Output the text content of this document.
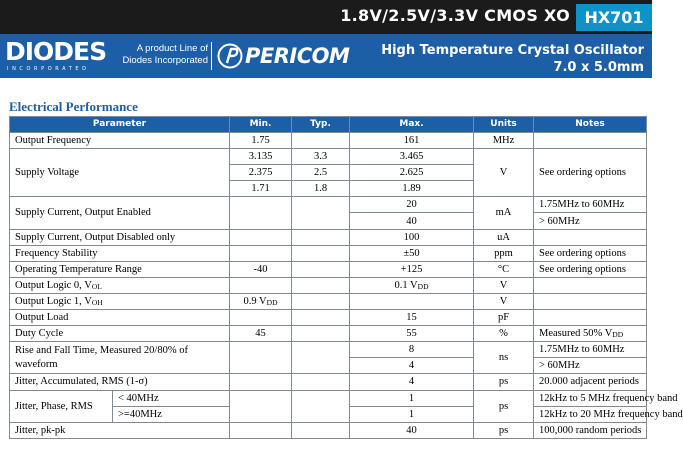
1.8V/2.5V/3.3V CMOS XO HX701
DIODES
INCORPORATED
A product Line of
Diodes Incorporated PERICOM High Temperature Crystal Oscillator
7.0 x 5.0mm
Electrical Performance
Parameter		Min.	Typ.	Max.	Units	Notes
Output Frequency		1.75		161	MHz	
Supply Voltage		3.135	3.3	3.465	V	See ordering options
		2.375	2.5	2.625		
		1.71	1.8	1.89		
Supply Current, Output Enabled				20	mA	1.75MHz to 60MHz
				40		> 60MHz
Supply Current, Output Disabled only				100	uA	
Frequency Stability				±50	ppm	See ordering options
Operating Temperature Range		-40		+125	°C	See ordering options
Output Logic 0, $V_{OL}$				0.1 $V_{DD}$	V	
Output Logic 1, $V_{OH}$		0.9 $V_{DD}$			V	
Output Load				15	pF	
Duty Cycle		45		55	%	Measured 50% $V_{DD}$
Rise and Fall Time, Measured 20/80% of waveform				8	ns	1.75MHz to 60MHz
				4		> 60MHz
Jitter, Accumulated, RMS (1-σ)				4	ps	20.000 adjacent periods
Jitter, Phase, RMS	< 40MHz			1	ps	12kHz to 5 MHz frequency band
	>=40MHz			1		12kHz to 20 MHz frequency band
Jitter, pk-pk				40	ps	100,000 random periods
